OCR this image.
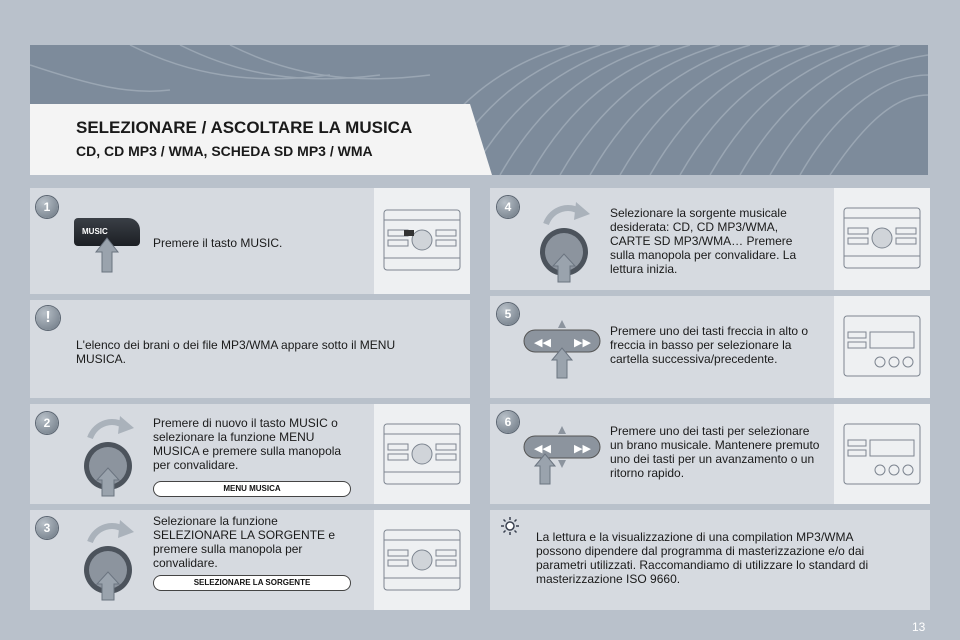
SELEZIONARE / ASCOLTARE LA MUSICA
CD, CD MP3 / WMA, SCHEDA SD MP3 / WMA
1
!
2
3
4
5
6
MUSIC
◀◀ ▶▶
◀◀ ▶▶
Premere il tasto MUSIC.
L'elenco dei brani o dei file MP3/WMA appare sotto il MENU MUSICA.
Premere di nuovo il tasto MUSIC o selezionare la funzione MENU MUSICA e premere sulla manopola per convalidare.
MENU MUSICA
Selezionare la funzione SELEZIONARE LA SORGENTE e premere sulla manopola per convalidare.
SELEZIONARE LA SORGENTE
Selezionare la sorgente musicale desiderata: CD, CD MP3/WMA, CARTE SD MP3/WMA… Premere sulla manopola per convalidare. La lettura inizia.
Premere uno dei tasti freccia in alto o freccia in basso per selezionare la cartella successiva/precedente.
Premere uno dei tasti per selezionare un brano musicale. Mantenere premuto uno dei tasti per un avanzamento o un ritorno rapido.
La lettura e la visualizzazione di una compilation MP3/WMA possono dipendere dal programma di masterizzazione e/o dai parametri utilizzati. Raccomandiamo di utilizzare lo standard di masterizzazione ISO 9660.
13
